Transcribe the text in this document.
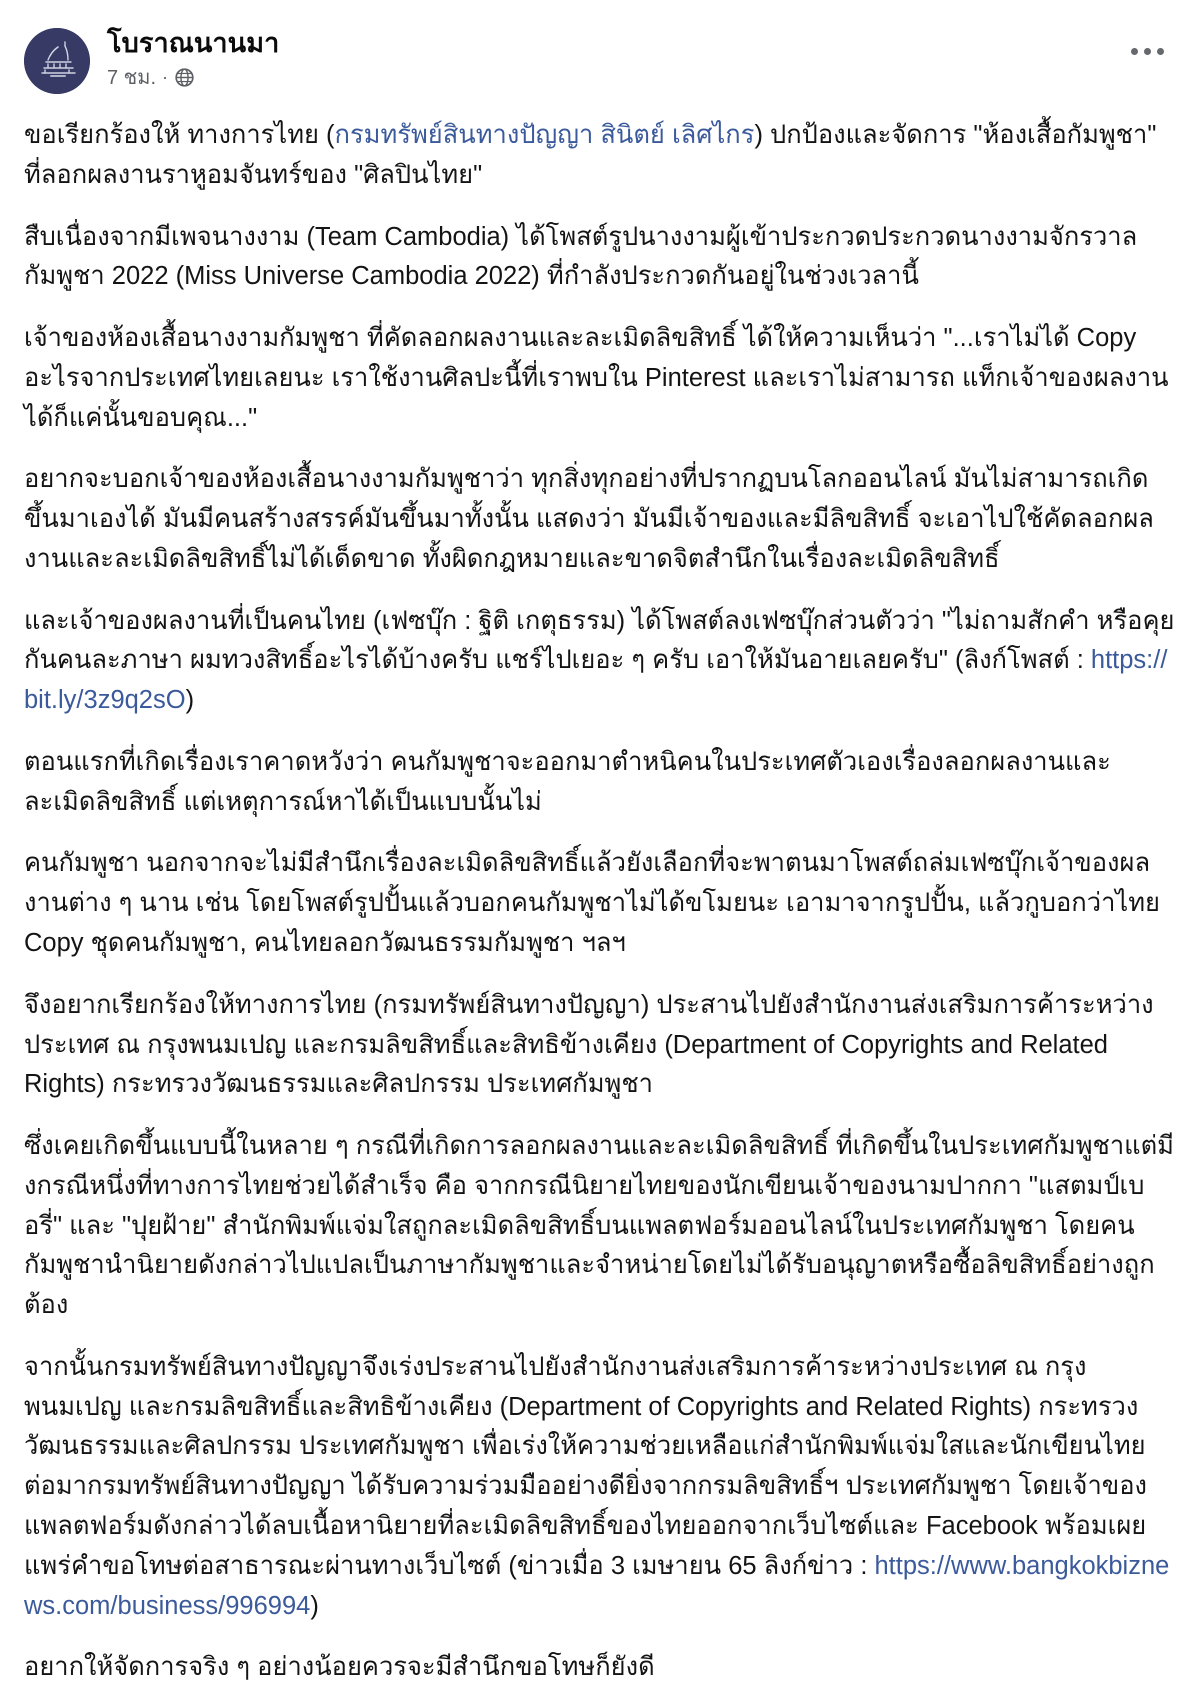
โบราณนานมา
7 ชม. ·

ขอเรียกร้องให้ ทางการไทย (กรมทรัพย์สินทางปัญญา สินิตย์ เลิศไกร) ปกป้องและจัดการ "ห้องเสื้อกัมพูชา" ที่ลอกผลงานราหูอมจันทร์ของ "ศิลปินไทย"

สืบเนื่องจากมีเพจนางงาม (Team Cambodia) ได้โพสต์รูปนางงามผู้เข้าประกวดประกวดนางงามจักรวาลกัมพูชา 2022 (Miss Universe Cambodia 2022) ที่กำลังประกวดกันอยู่ในช่วงเวลานี้

เจ้าของห้องเสื้อนางงามกัมพูชา ที่คัดลอกผลงานและละเมิดลิขสิทธิ์ ได้ให้ความเห็นว่า "...เราไม่ได้ Copy อะไรจากประเทศไทยเลยนะ เราใช้งานศิลปะนี้ที่เราพบใน Pinterest และเราไม่สามารถ แท็กเจ้าของผลงานได้ก็แค่นั้นขอบคุณ..."

อยากจะบอกเจ้าของห้องเสื้อนางงามกัมพูชาว่า ทุกสิ่งทุกอย่างที่ปรากฏบนโลกออนไลน์ มันไม่สามารถเกิดขึ้นมาเองได้ มันมีคนสร้างสรรค์มันขึ้นมาทั้งนั้น แสดงว่า มันมีเจ้าของและมีลิขสิทธิ์ จะเอาไปใช้คัดลอกผลงานและละเมิดลิขสิทธิ์ไม่ได้เด็ดขาด ทั้งผิดกฎหมายและขาดจิตสำนึกในเรื่องละเมิดลิขสิทธิ์

และเจ้าของผลงานที่เป็นคนไทย (เฟซบุ๊ก : ฐิติ เกตุธรรม) ได้โพสต์ลงเฟซบุ๊กส่วนตัวว่า "ไม่ถามสักคำ หรือคุยกันคนละภาษา ผมทวงสิทธิ์อะไรได้บ้างครับ แชร์ไปเยอะ ๆ ครับ เอาให้มันอายเลยครับ" (ลิงก์โพสต์ : https://bit.ly/3z9q2sO)

ตอนแรกที่เกิดเรื่องเราคาดหวังว่า คนกัมพูชาจะออกมาตำหนิคนในประเทศตัวเองเรื่องลอกผลงานและละเมิดลิขสิทธิ์ แต่เหตุการณ์หาได้เป็นแบบนั้นไม่

คนกัมพูชา นอกจากจะไม่มีสำนึกเรื่องละเมิดลิขสิทธิ์แล้วยังเลือกที่จะพาตนมาโพสต์ถล่มเฟซบุ๊กเจ้าของผลงานต่าง ๆ นาน เช่น โดยโพสต์รูปปั้นแล้วบอกคนกัมพูชาไม่ได้ขโมยนะ เอามาจากรูปปั้น, แล้วกูบอกว่าไทย Copy ชุดคนกัมพูชา, คนไทยลอกวัฒนธรรมกัมพูชา ฯลฯ

จึงอยากเรียกร้องให้ทางการไทย (กรมทรัพย์สินทางปัญญา) ประสานไปยังสำนักงานส่งเสริมการค้าระหว่างประเทศ ณ กรุงพนมเปญ และกรมลิขสิทธิ์และสิทธิข้างเคียง (Department of Copyrights and Related Rights) กระทรวงวัฒนธรรมและศิลปกรรม ประเทศกัมพูชา

ซึ่งเคยเกิดขึ้นแบบนี้ในหลาย ๆ กรณีที่เกิดการลอกผลงานและละเมิดลิขสิทธิ์ ที่เกิดขึ้นในประเทศกัมพูชาแต่มีงกรณีหนึ่งที่ทางการไทยช่วยได้สำเร็จ คือ จากกรณีนิยายไทยของนักเขียนเจ้าของนามปากกา "แสตมป์เบอรี่" และ "ปุยฝ้าย" สำนักพิมพ์แจ่มใสถูกละเมิดลิขสิทธิ์บนแพลตฟอร์มออนไลน์ในประเทศกัมพูชา โดยคนกัมพูชานำนิยายดังกล่าวไปแปลเป็นภาษากัมพูชาและจำหน่ายโดยไม่ได้รับอนุญาตหรือซื้อลิขสิทธิ์อย่างถูกต้อง

จากนั้นกรมทรัพย์สินทางปัญญาจึงเร่งประสานไปยังสำนักงานส่งเสริมการค้าระหว่างประเทศ ณ กรุงพนมเปญ และกรมลิขสิทธิ์และสิทธิข้างเคียง (Department of Copyrights and Related Rights) กระทรวงวัฒนธรรมและศิลปกรรม ประเทศกัมพูชา เพื่อเร่งให้ความช่วยเหลือแก่สำนักพิมพ์แจ่มใสและนักเขียนไทย ต่อมากรมทรัพย์สินทางปัญญา ได้รับความร่วมมืออย่างดียิ่งจากกรมลิขสิทธิ์ฯ ประเทศกัมพูชา โดยเจ้าของแพลตฟอร์มดังกล่าวได้ลบเนื้อหานิยายที่ละเมิดลิขสิทธิ์ของไทยออกจากเว็บไซต์และ Facebook พร้อมเผยแพร่คำขอโทษต่อสาธารณะผ่านทางเว็บไซต์ (ข่าวเมื่อ 3 เมษายน 65 ลิงก์ข่าว : https://www.bangkokbiznews.com/business/996994)

อยากให้จัดการจริง ๆ อย่างน้อยควรจะมีสำนึกขอโทษก็ยังดี
